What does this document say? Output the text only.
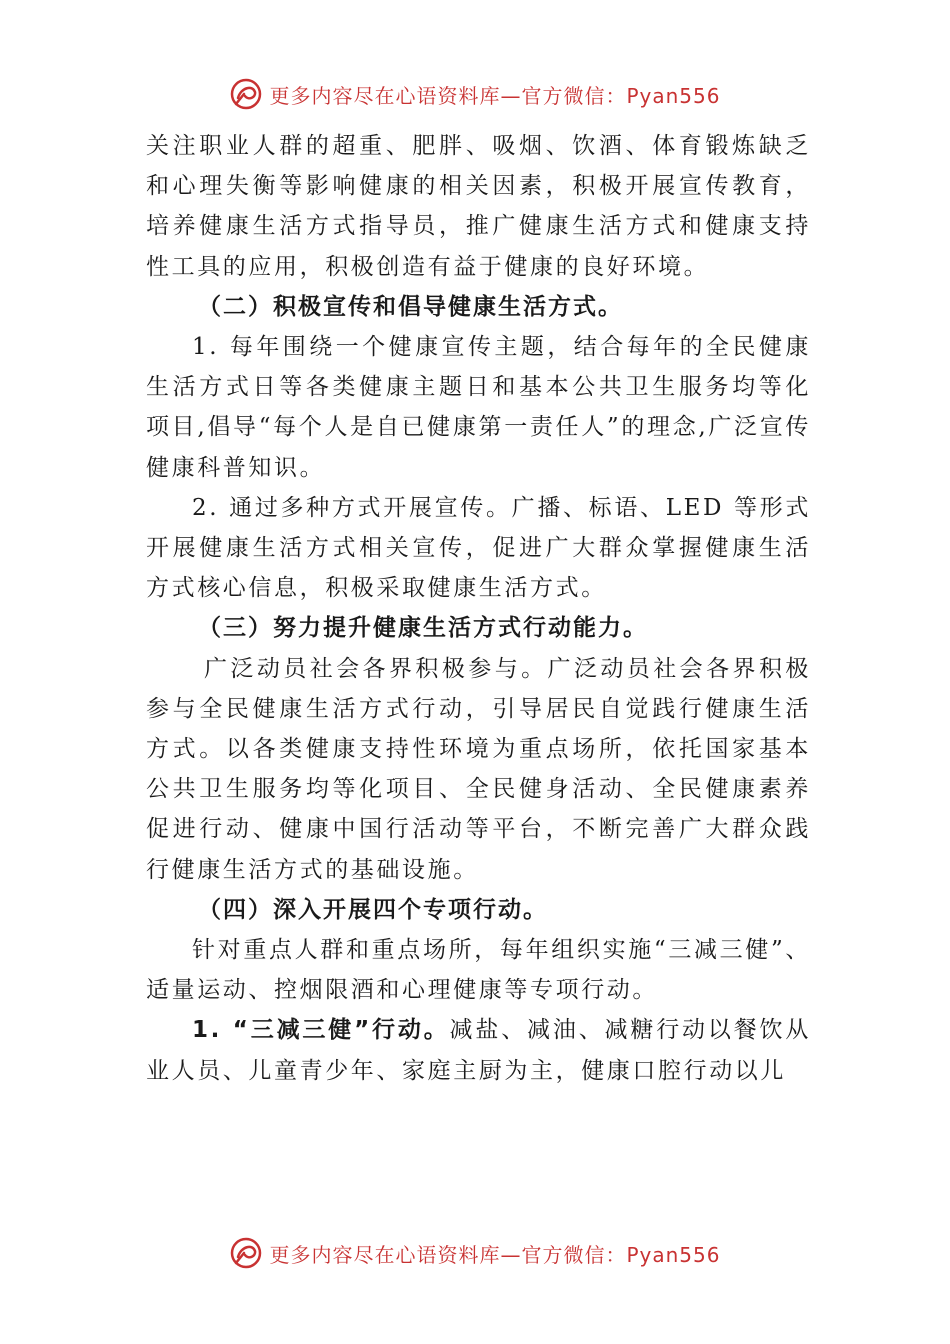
更多内容尽在心语资料库—官方微信：Pyan556

关注职业人群的超重、肥胖、吸烟、饮酒、体育锻炼缺乏和心理失衡等影响健康的相关因素，积极开展宣传教育，培养健康生活方式指导员，推广健康生活方式和健康支持性工具的应用，积极创造有益于健康的良好环境。

（二）积极宣传和倡导健康生活方式。

1. 每年围绕一个健康宣传主题，结合每年的全民健康生活方式日等各类健康主题日和基本公共卫生服务均等化项目,倡导“每个人是自已健康第一责任人”的理念,广泛宣传健康科普知识。

2. 通过多种方式开展宣传。广播、标语、LED 等形式开展健康生活方式相关宣传，促进广大群众掌握健康生活方式核心信息，积极采取健康生活方式。

（三）努力提升健康生活方式行动能力。

广泛动员社会各界积极参与。广泛动员社会各界积极参与全民健康生活方式行动，引导居民自觉践行健康生活方式。以各类健康支持性环境为重点场所，依托国家基本公共卫生服务均等化项目、全民健身活动、全民健康素养促进行动、健康中国行活动等平台，不断完善广大群众践行健康生活方式的基础设施。

（四）深入开展四个专项行动。

针对重点人群和重点场所，每年组织实施“三减三健”、适量运动、控烟限酒和心理健康等专项行动。

1. “三减三健”行动。减盐、减油、减糖行动以餐饮从业人员、儿童青少年、家庭主厨为主，健康口腔行动以儿

更多内容尽在心语资料库—官方微信：Pyan556
